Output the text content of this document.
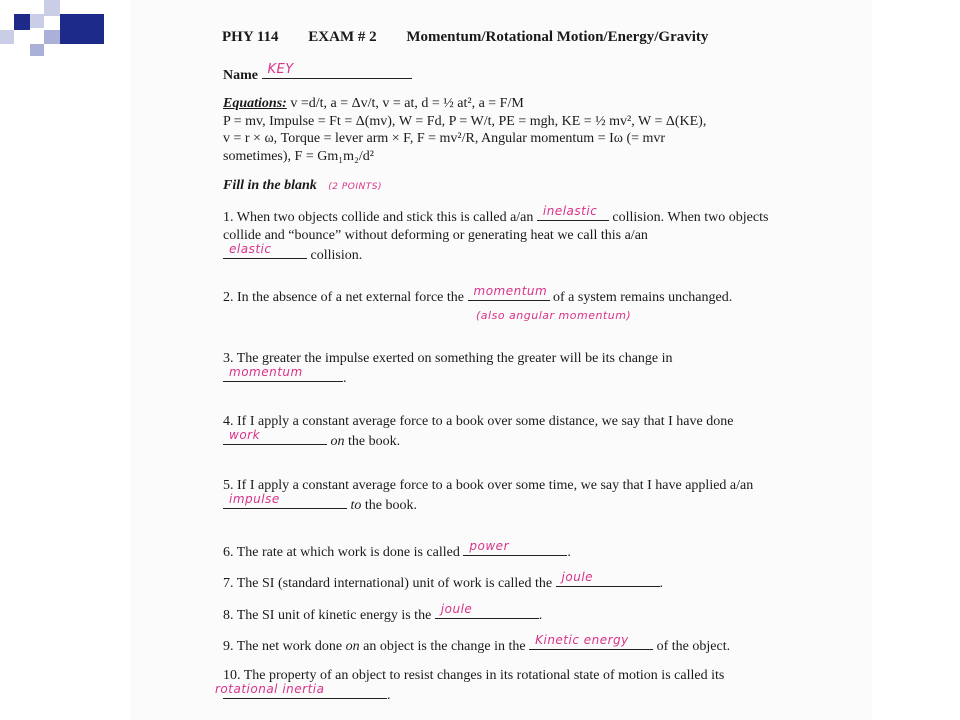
PHY 114 EXAM # 2 Momentum/Rotational Motion/Energy/Gravity
Name KEY
Equations: v =d/t, a = Δv/t, v = at, d = ½ at², a = F/M
P = mv, Impulse = Ft = Δ(mv), W = Fd, P = W/t, PE = mgh, KE = ½ mv², W = Δ(KE),
v = r × ω, Torque = lever arm × F, F = mv²/R, Angular momentum = Iω (= mvr
sometimes), F = Gm₁m₂/d²
Fill in the blank (2 POINTS)
1. When two objects collide and stick this is called a/an inelastic collision. When two objects collide and “bounce” without deforming or generating heat we call this a/an

elastic	collision.
2. In the absence of a net external force the momentum of a system remains unchanged.
(also angular momentum)
3. The greater the impulse exerted on something the greater will be its change in

momentum	.
4. If I apply a constant average force to a book over some distance, we say that I have done
work	on the book.
5. If I apply a constant average force to a book over some time, we say that I have applied a/an
impulse	to the book.
6. The rate at which work is done is called power	.
7. The SI (standard international) unit of work is called the joule	.
8. The SI unit of kinetic energy is the joule	.
9. The net work done on an object is the change in the Kinetic energy of the object.
10. The property of an object to resist changes in its rotational state of motion is called its

rotational inertia	.
